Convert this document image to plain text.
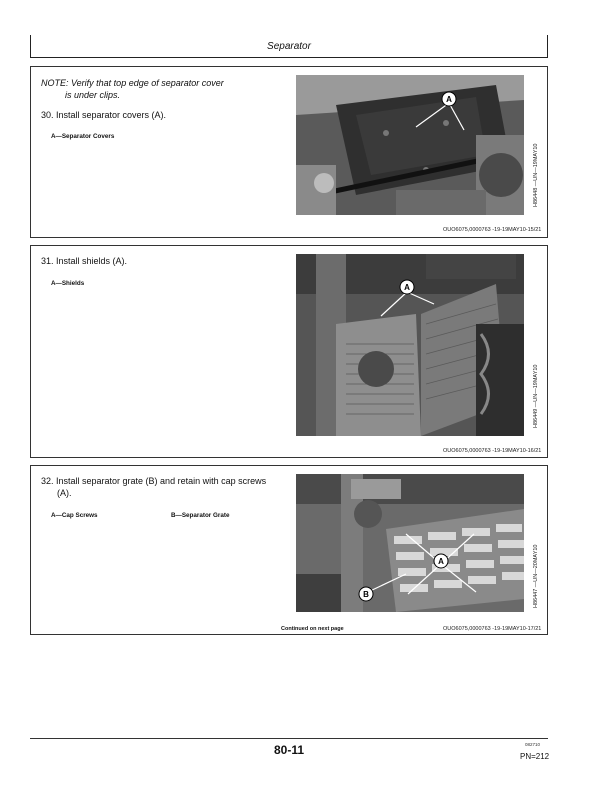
Separator
NOTE: Verify that top edge of separator cover
is under clips.
30. Install separator covers (A).
A—Separator Covers
A
H86448 —UN—19MAY10
OUO6075,0000763 -19-19MAY10-15/21
31. Install shields (A).
A—Shields	A
H86449 —UN—19MAY10
OUO6075,0000763 -19-19MAY10-16/21
32. Install separator grate (B) and retain with cap screws
(A).
A—Cap Screws	B—Separator Grate
A
B	H86447 —UN—20MAY10
Continued on next page	OUO6075,0000763 -19-19MAY10-17/21
80-11	082710
PN=212
